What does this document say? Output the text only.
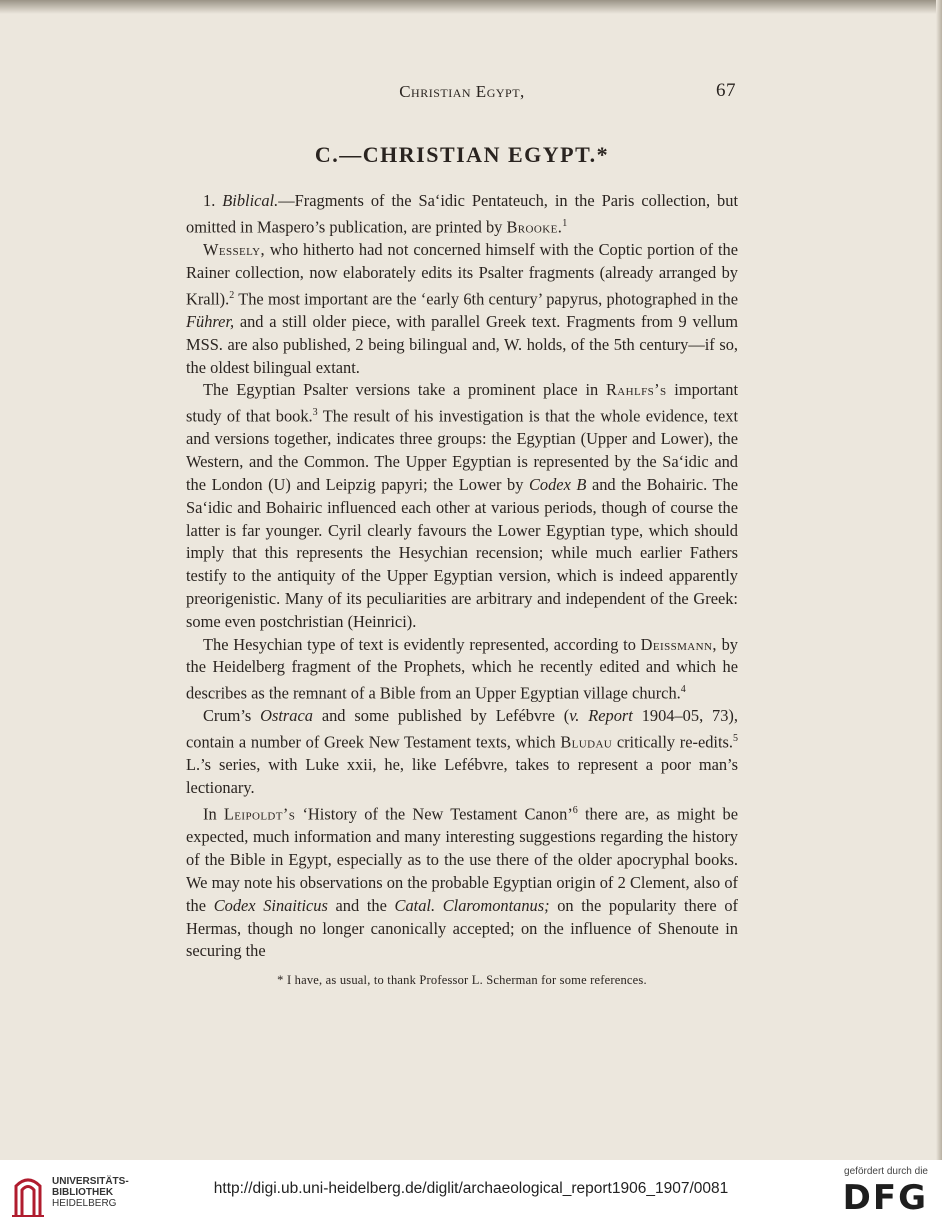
Christian Egypt,	67
C.—CHRISTIAN EGYPT.*

1. Biblical.—Fragments of the Sa‘idic Pentateuch, in the Paris collection, but omitted in Maspero’s publication, are printed by Brooke.$^1$

Wessely, who hitherto had not concerned himself with the Coptic portion of the Rainer collection, now elaborately edits its Psalter fragments (already arranged by Krall).$^2$ The most important are the ‘early 6th century’ papyrus, photographed in the Führer, and a still older piece, with parallel Greek text. Fragments from 9 vellum MSS. are also published, 2 being bilingual and, W. holds, of the 5th century—if so, the oldest bilingual extant.

The Egyptian Psalter versions take a prominent place in Rahlfs’s important study of that book.$^3$ The result of his investigation is that the whole evidence, text and versions together, indicates three groups: the Egyptian (Upper and Lower), the Western, and the Common. The Upper Egyptian is represented by the Sa‘idic and the London (U) and Leipzig papyri; the Lower by Codex B and the Bohairic. The Sa‘idic and Bohairic influenced each other at various periods, though of course the latter is far younger. Cyril clearly favours the Lower Egyptian type, which should imply that this represents the Hesychian recension; while much earlier Fathers testify to the antiquity of the Upper Egyptian version, which is indeed apparently preorigenistic. Many of its peculiarities are arbitrary and independent of the Greek: some even postchristian (Heinrici).

The Hesychian type of text is evidently represented, according to Deissmann, by the Heidelberg fragment of the Prophets, which he recently edited and which he describes as the remnant of a Bible from an Upper Egyptian village church.$^4$

Crum’s Ostraca and some published by Lefébvre (v. Report 1904–05, 73), contain a number of Greek New Testament texts, which Bludau critically re-edits.$^5$ L.’s series, with Luke xxii, he, like Lefébvre, takes to represent a poor man’s lectionary.

In Leipoldt’s ‘History of the New Testament Canon’$^6$ there are, as might be expected, much information and many interesting suggestions regarding the history of the Bible in Egypt, especially as to the use there of the older apocryphal books. We may note his observations on the probable Egyptian origin of 2 Clement, also of the Codex Sinaiticus and the Catal. Claromontanus; on the popularity there of Hermas, though no longer canonically accepted; on the influence of Shenoute in securing the

* I have, as usual, to thank Professor L. Scherman for some references.
UNIVERSITÄTS-
BIBLIOTHEK
HEIDELBERG
http://digi.ub.uni-heidelberg.de/diglit/archaeological_report1906_1907/0081
gefördert durch die
DFG
